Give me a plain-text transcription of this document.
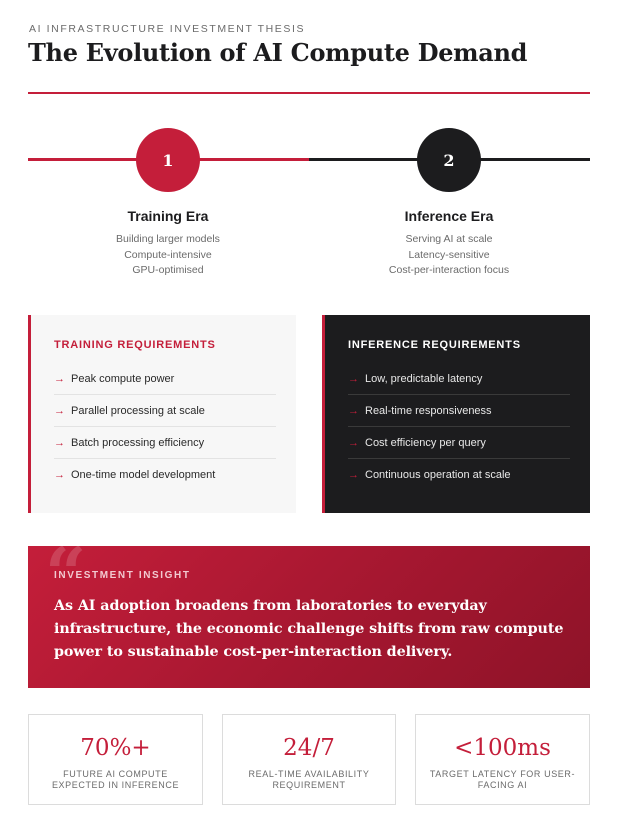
AI INFRASTRUCTURE INVESTMENT THESIS
The Evolution of AI Compute Demand
1	2
Training Era
Building larger models
Compute-intensive
GPU-optimised
Inference Era
Serving AI at scale
Latency-sensitive
Cost-per-interaction focus
TRAINING REQUIREMENTS
→ Peak compute power
→ Parallel processing at scale
→ Batch processing efficiency
→ One-time model development
INFERENCE REQUIREMENTS
→ Low, predictable latency
→ Real-time responsiveness
→ Cost efficiency per query
→ Continuous operation at scale
“
INVESTMENT INSIGHT
As AI adoption broadens from laboratories to everyday infrastructure, the economic challenge shifts from raw compute power to sustainable cost-per-interaction delivery.
70%+
FUTURE AI COMPUTE EXPECTED IN INFERENCE
24/7
REAL-TIME AVAILABILITY REQUIREMENT
<100ms
TARGET LATENCY FOR USER-FACING AI
